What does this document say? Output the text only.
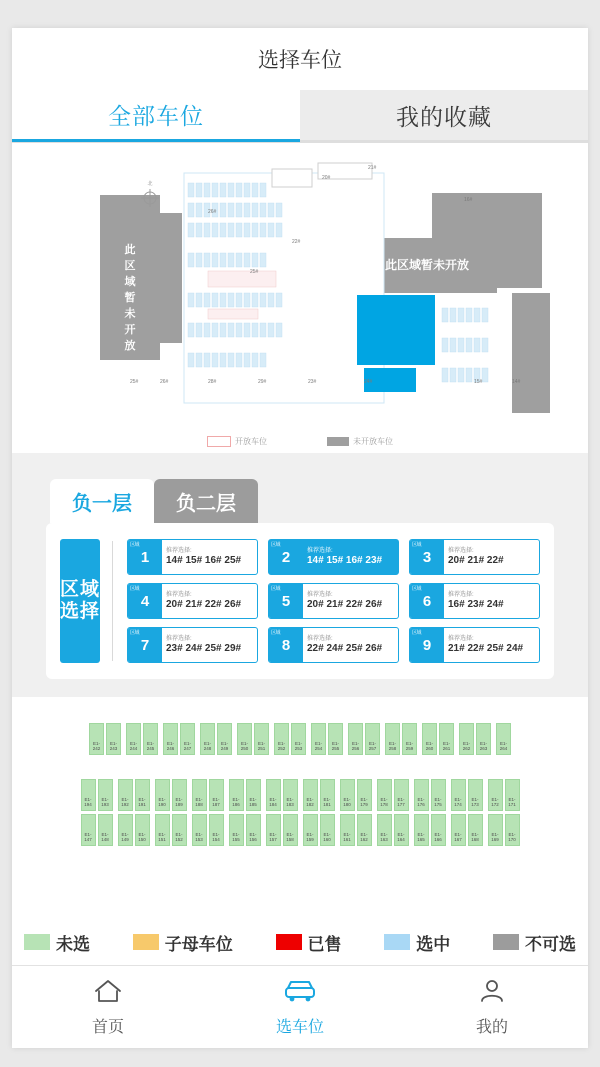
选择车位
全部车位	我的收藏
北
此
区
域
暂
未
开
放
此区域暂未开放
25#	26#	28#	29#	23#	24#	15#	14#
26#
25#
22#
20#
21#
16#
开放车位	未开放车位
负一层	负二层
区域选择
区域
1	推荐选择:
14# 15# 16# 25#
区域
2	推荐选择:
14# 15# 16# 23#
区域
3	推荐选择:
20# 21# 22#
区域
4	推荐选择:
20# 21# 22# 26#
区域
5	推荐选择:
20# 21# 22# 26#
区域
6	推荐选择:
16# 23# 24#
区域
7	推荐选择:
23# 24# 25# 29#
区域
8	推荐选择:
22# 24# 25# 26#
区域
9	推荐选择:
21# 22# 25# 24#
E1-
242
E1-
243
E1-
244
E1-
245
E1-
246
E1-
247
E1-
248
E1-
249
E1-
250
E1-
251
E1-
252
E1-
253
E1-
254
E1-
255
E1-
256
E1-
257
E1-
258
E1-
259
E1-
260
E1-
261
E1-
262
E1-
263
E1-
264
E1-
194
E1-
193
E1-
192
E1-
191
E1-
190
E1-
189
E1-
188
E1-
187
E1-
186
E1-
185
E1-
184
E1-
183
E1-
182
E1-
181
E1-
180
E1-
179
E1-
178
E1-
177
E1-
176
E1-
175
E1-
174
E1-
173
E1-
172
E1-
171
E1-
147
E1-
148
E1-
149
E1-
150
E1-
151
E1-
152
E1-
153
E1-
154
E1-
155
E1-
156
E1-
157
E1-
158
E1-
159
E1-
160
E1-
161
E1-
162
E1-
163
E1-
164
E1-
165
E1-
166
E1-
167
E1-
168
E1-
169
E1-
170
未选	子母车位	已售	选中	不可选
首页	选车位	我的
